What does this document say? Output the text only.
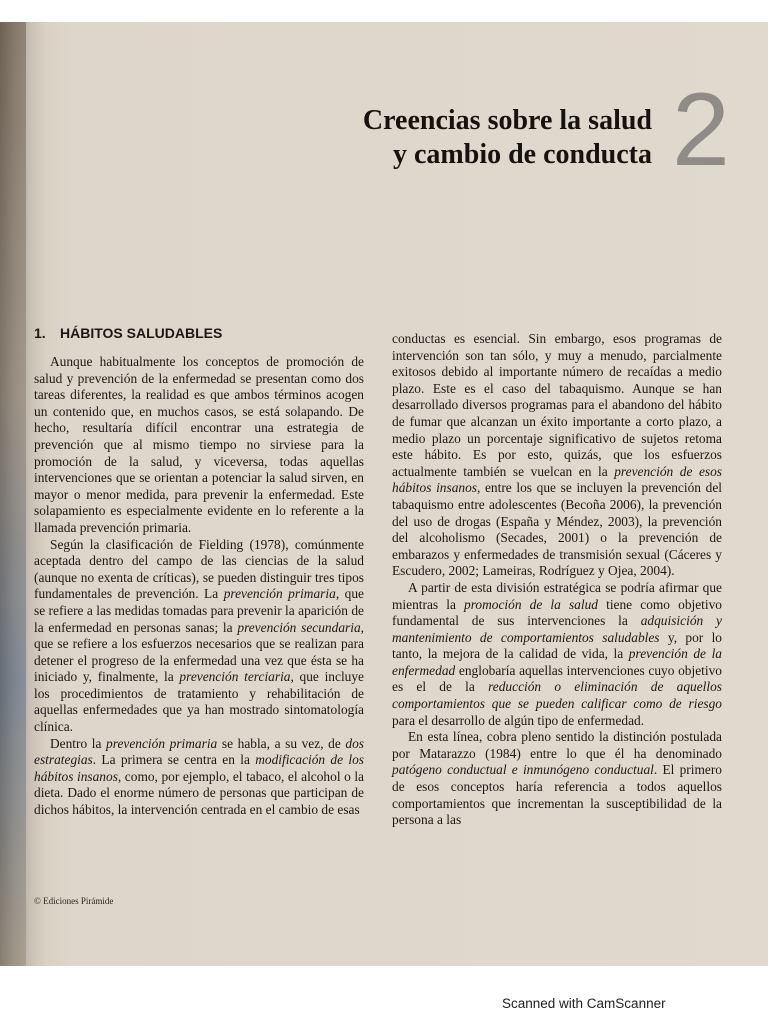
Creencias sobre la salud
y cambio de conducta 2
1. HÁBITOS SALUDABLES

Aunque habitualmente los conceptos de promoción de salud y prevención de la enfermedad se presentan como dos tareas diferentes, la realidad es que ambos términos acogen un contenido que, en muchos casos, se está solapando. De hecho, resultaría difícil encontrar una estrategia de prevención que al mismo tiempo no sirviese para la promoción de la salud, y viceversa, todas aquellas intervenciones que se orientan a potenciar la salud sirven, en mayor o menor medida, para prevenir la enfermedad. Este solapamiento es especialmente evidente en lo referente a la llamada prevención primaria.

Según la clasificación de Fielding (1978), comúnmente aceptada dentro del campo de las ciencias de la salud (aunque no exenta de críticas), se pueden distinguir tres tipos fundamentales de prevención. La prevención primaria, que se refiere a las medidas tomadas para prevenir la aparición de la enfermedad en personas sanas; la prevención secundaria, que se refiere a los esfuerzos necesarios que se realizan para detener el progreso de la enfermedad una vez que ésta se ha iniciado y, finalmente, la prevención terciaria, que incluye los procedimientos de tratamiento y rehabilitación de aquellas enfermedades que ya han mostrado sintomatología clínica.

Dentro la prevención primaria se habla, a su vez, de dos estrategias. La primera se centra en la modificación de los hábitos insanos, como, por ejemplo, el tabaco, el alcohol o la dieta. Dado el enorme número de personas que participan de dichos hábitos, la intervención centrada en el cambio de esas

conductas es esencial. Sin embargo, esos programas de intervención son tan sólo, y muy a menudo, parcialmente exitosos debido al importante número de recaídas a medio plazo. Este es el caso del tabaquismo. Aunque se han desarrollado diversos programas para el abandono del hábito de fumar que alcanzan un éxito importante a corto plazo, a medio plazo un porcentaje significativo de sujetos retoma este hábito. Es por esto, quizás, que los esfuerzos actualmente también se vuelcan en la prevención de esos hábitos insanos, entre los que se incluyen la prevención del tabaquismo entre adolescentes (Becoña 2006), la prevención del uso de drogas (España y Méndez, 2003), la prevención del alcoholismo (Secades, 2001) o la prevención de embarazos y enfermedades de transmisión sexual (Cáceres y Escudero, 2002; Lameiras, Rodríguez y Ojea, 2004).

A partir de esta división estratégica se podría afirmar que mientras la promoción de la salud tiene como objetivo fundamental de sus intervenciones la adquisición y mantenimiento de comportamientos saludables y, por lo tanto, la mejora de la calidad de vida, la prevención de la enfermedad englobaría aquellas intervenciones cuyo objetivo es el de la reducción o eliminación de aquellos comportamientos que se pueden calificar como de riesgo para el desarrollo de algún tipo de enfermedad.

En esta línea, cobra pleno sentido la distinción postulada por Matarazzo (1984) entre lo que él ha denominado patógeno conductual e inmunógeno conductual. El primero de esos conceptos haría referencia a todos aquellos comportamientos que incrementan la susceptibilidad de la persona a las

© Ediciones Pirámide
Scanned with CamScanner
